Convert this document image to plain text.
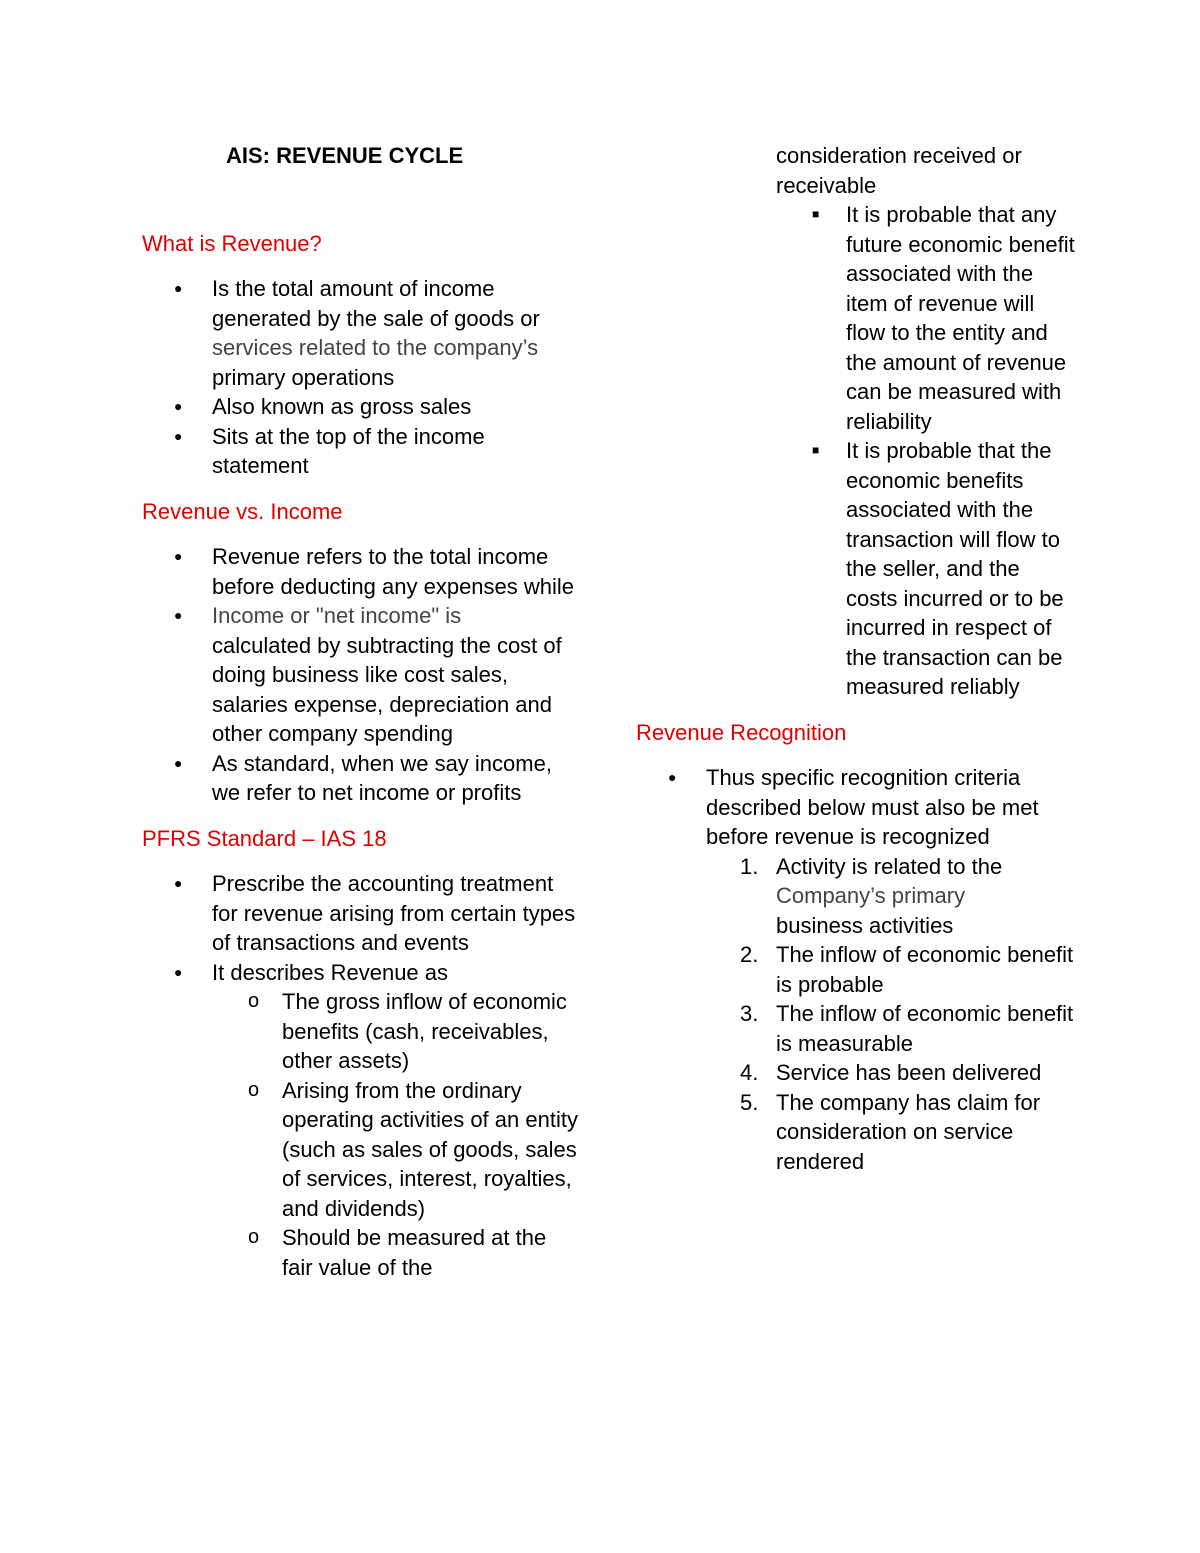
AIS: REVENUE CYCLE
What is Revenue?
● Is the total amount of income generated by the sale of goods or
services related to the company’s
primary operations
● Also known as gross sales
● Sits at the top of the income statement
Revenue vs. Income
● Revenue refers to the total income before deducting any expenses while
● Income or "net income" is
calculated by subtracting the cost of doing business like cost sales, salaries expense, depreciation and other company spending
● As standard, when we say income, we refer to net income or profits
PFRS Standard – IAS 18
● Prescribe the accounting treatment for revenue arising from certain types of transactions and events
● It describes Revenue as
o The gross inflow of economic benefits (cash, receivables, other assets)
o Arising from the ordinary operating activities of an entity (such as sales of goods, sales of services, interest, royalties, and dividends)
o Should be measured at the fair value of the
consideration received or receivable
■ It is probable that any future economic benefit associated with the item of revenue will flow to the entity and the amount of revenue can be measured with reliability
■ It is probable that the economic benefits associated with the transaction will flow to the seller, and the costs incurred or to be incurred in respect of the transaction can be measured reliably
Revenue Recognition
● Thus specific recognition criteria described below must also be met before revenue is recognized
1. Activity is related to the
Company’s primary
business activities
2. The inflow of economic benefit is probable
3. The inflow of economic benefit is measurable
4. Service has been delivered
5. The company has claim for consideration on service rendered
